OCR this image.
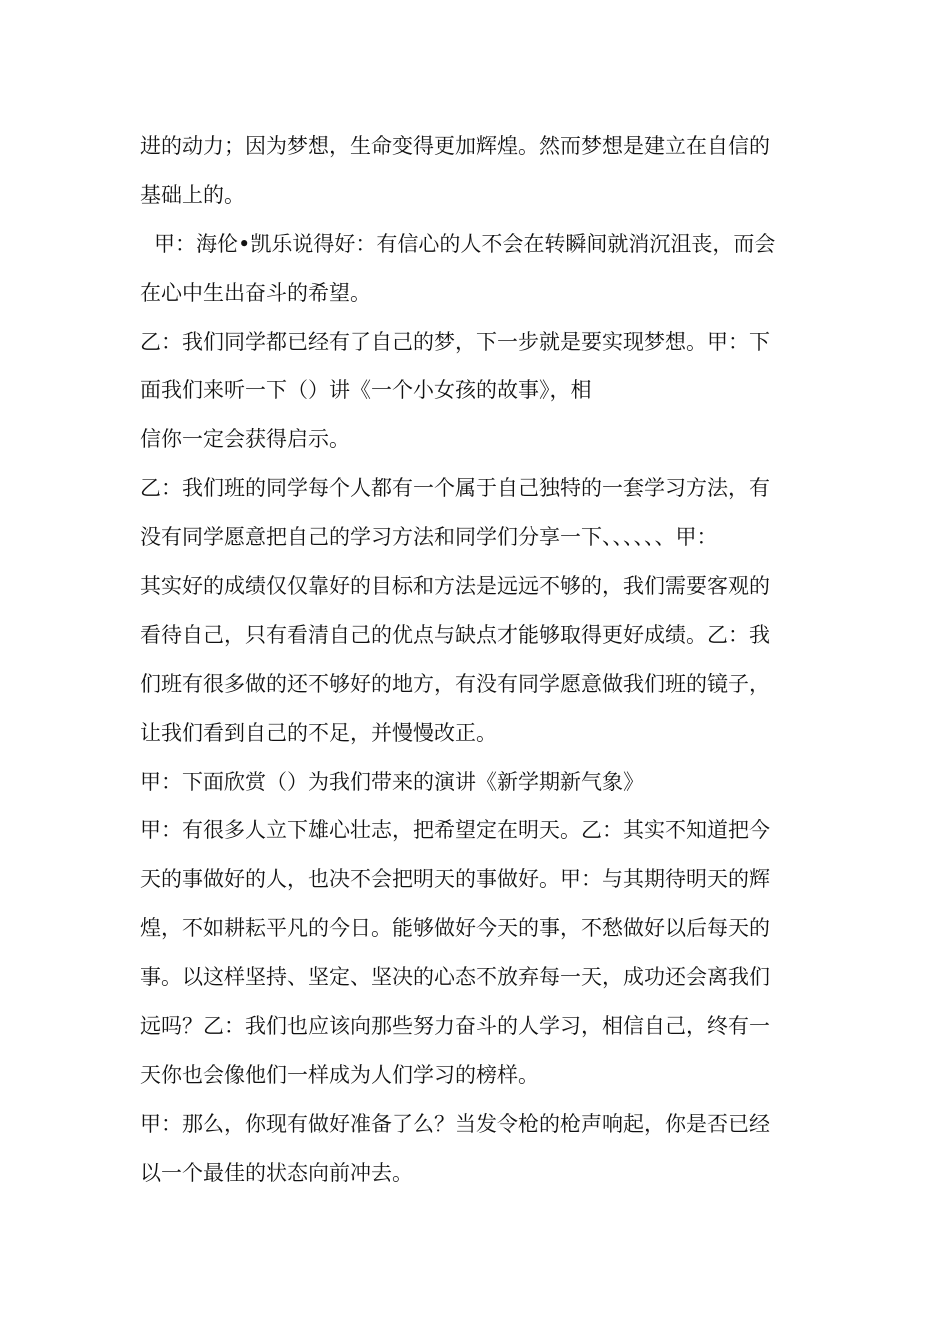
进的动力；因为梦想，生命变得更加辉煌。然而梦想是建立在自信的
基础上的。
甲：海伦•凯乐说得好：有信心的人不会在转瞬间就消沉沮丧，而会
在心中生出奋斗的希望。
乙：我们同学都已经有了自己的梦，下一步就是要实现梦想。甲：下
面我们来听一下（）讲《一个小女孩的故事》，相
信你一定会获得启示。
乙：我们班的同学每个人都有一个属于自己独特的一套学习方法，有
没有同学愿意把自己的学习方法和同学们分享一下、、、、、、甲：
其实好的成绩仅仅靠好的目标和方法是远远不够的，我们需要客观的
看待自己，只有看清自己的优点与缺点才能够取得更好成绩。乙：我
们班有很多做的还不够好的地方，有没有同学愿意做我们班的镜子，
让我们看到自己的不足，并慢慢改正。
甲：下面欣赏（）为我们带来的演讲《新学期新气象》
甲：有很多人立下雄心壮志，把希望定在明天。乙：其实不知道把今
天的事做好的人，也决不会把明天的事做好。甲：与其期待明天的辉
煌，不如耕耘平凡的今日。能够做好今天的事，不愁做好以后每天的
事。以这样坚持、坚定、坚决的心态不放弃每一天，成功还会离我们
远吗？乙：我们也应该向那些努力奋斗的人学习，相信自己，终有一
天你也会像他们一样成为人们学习的榜样。
甲：那么，你现有做好准备了么？当发令枪的枪声响起，你是否已经
以一个最佳的状态向前冲去。
